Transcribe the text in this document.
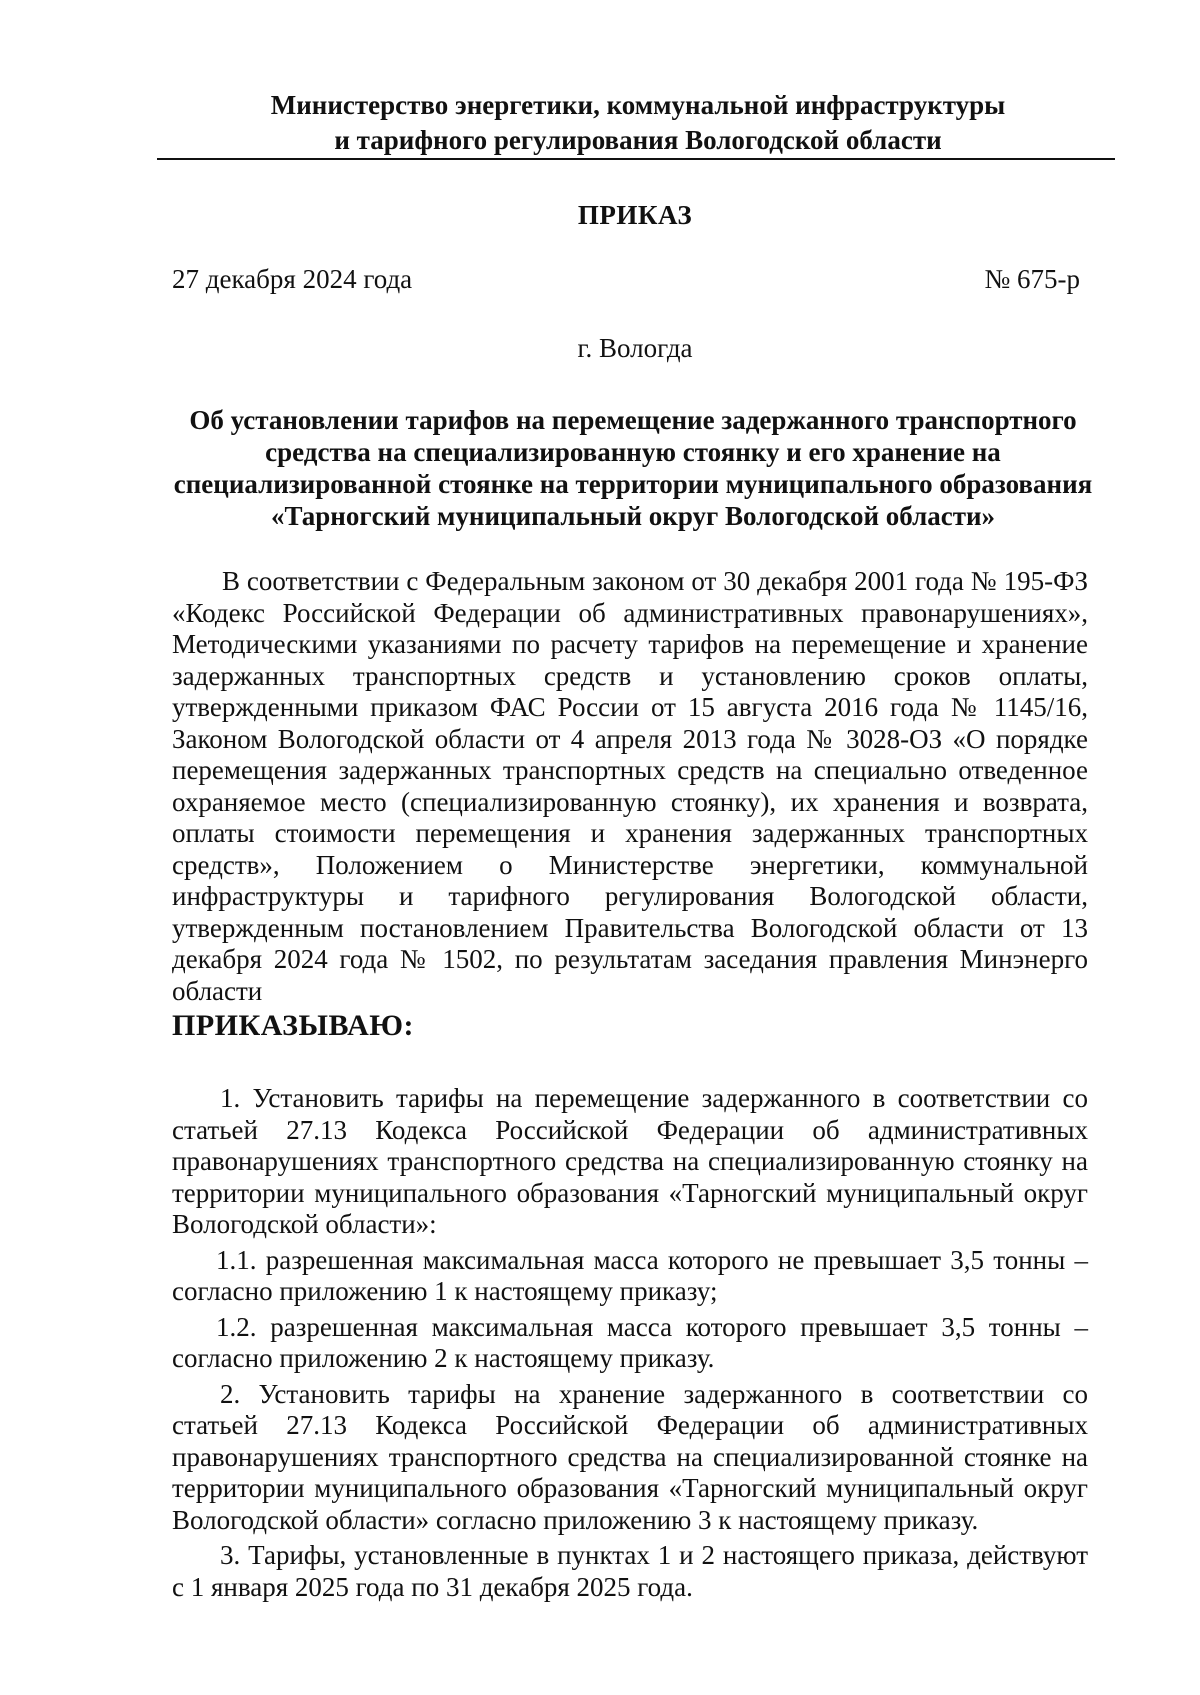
Министерство энергетики, коммунальной инфраструктуры
и тарифного регулирования Вологодской области
ПРИКАЗ
27 декабря 2024 года	№ 675-р
г. Вологда
Об установлении тарифов на перемещение задержанного транспортного
средства на специализированную стоянку и его хранение на
специализированной стоянке на территории муниципального образования
«Тарногский муниципальный округ Вологодской области»

В соответствии с Федеральным законом от 30 декабря 2001 года № 195-ФЗ «Кодекс Российской Федерации об административных правонарушениях», Методическими указаниями по расчету тарифов на перемещение и хранение задержанных транспортных средств и установлению сроков оплаты, утвержденными приказом ФАС России от 15 августа 2016 года № 1145/16, Законом Вологодской области от 4 апреля 2013 года № 3028-ОЗ «О порядке перемещения задержанных транспортных средств на специально отведенное охраняемое место (специализированную стоянку), их хранения и возврата, оплаты стоимости перемещения и хранения задержанных транспортных средств», Положением о Министерстве энергетики, коммунальной инфраструктуры и тарифного регулирования Вологодской области, утвержденным постановлением Правительства Вологодской области от 13 декабря 2024 года № 1502, по результатам заседания правления Минэнерго области

ПРИКАЗЫВАЮ:

1. Установить тарифы на перемещение задержанного в соответствии со статьей 27.13 Кодекса Российской Федерации об административных правонарушениях транспортного средства на специализированную стоянку на территории муниципального образования «Тарногский муниципальный округ Вологодской области»:

1.1. разрешенная максимальная масса которого не превышает 3,5 тонны – согласно приложению 1 к настоящему приказу;

1.2. разрешенная максимальная масса которого превышает 3,5 тонны – согласно приложению 2 к настоящему приказу.

2. Установить тарифы на хранение задержанного в соответствии со статьей 27.13 Кодекса Российской Федерации об административных правонарушениях транспортного средства на специализированной стоянке на территории муниципального образования «Тарногский муниципальный округ Вологодской области» согласно приложению 3 к настоящему приказу.

3. Тарифы, установленные в пунктах 1 и 2 настоящего приказа, действуют с 1 января 2025 года по 31 декабря 2025 года.
